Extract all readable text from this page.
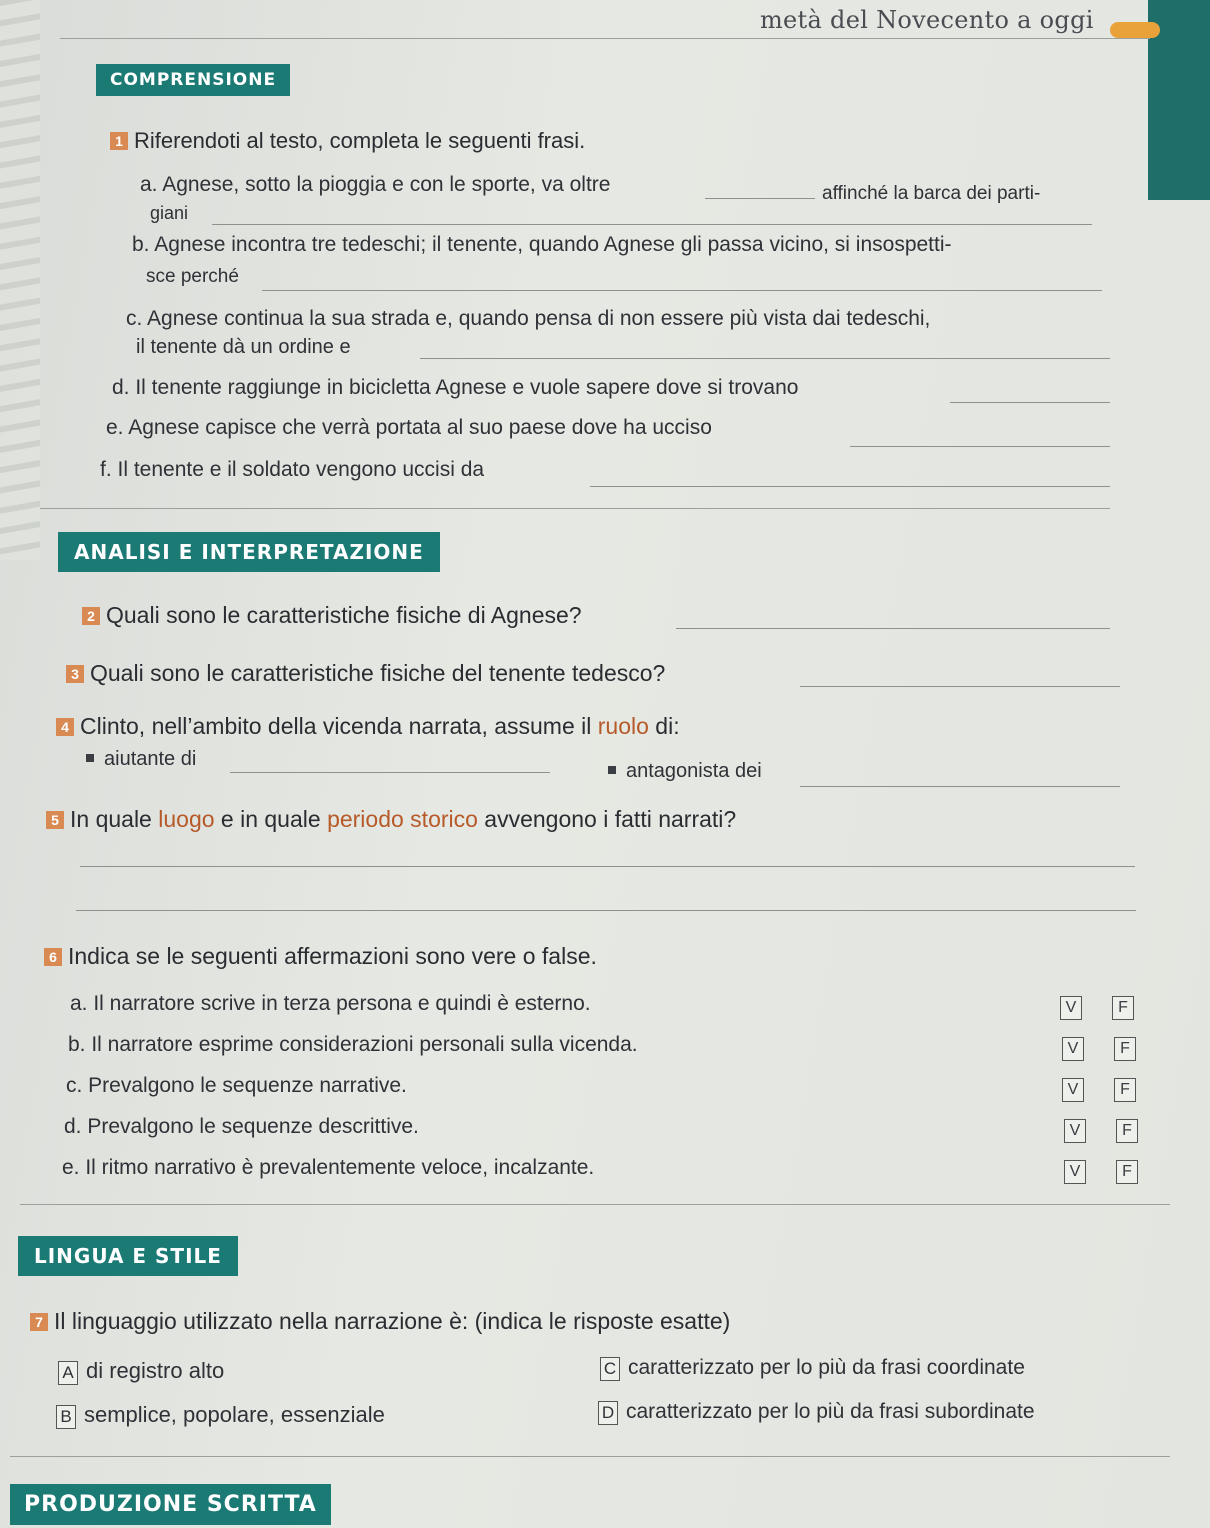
metà del Novecento a oggi
COMPRENSIONE
1 Riferendoti al testo, completa le seguenti frasi.
a. Agnese, sotto la pioggia e con le sporte, va oltre	affinché la barca dei parti-
giani
b. Agnese incontra tre tedeschi; il tenente, quando Agnese gli passa vicino, si insospetti-
sce perché
c. Agnese continua la sua strada e, quando pensa di non essere più vista dai tedeschi,
il tenente dà un ordine e
d. Il tenente raggiunge in bicicletta Agnese e vuole sapere dove si trovano
e. Agnese capisce che verrà portata al suo paese dove ha ucciso
f. Il tenente e il soldato vengono uccisi da
ANALISI E INTERPRETAZIONE
2 Quali sono le caratteristiche fisiche di Agnese?
3 Quali sono le caratteristiche fisiche del tenente tedesco?
4 Clinto, nell’ambito della vicenda narrata, assume il ruolo di:
aiutante di
antagonista dei
5 In quale luogo e in quale periodo storico avvengono i fatti narrati?
6 Indica se le seguenti affermazioni sono vere o false.
a. Il narratore scrive in terza persona e quindi è esterno.	V	F
b. Il narratore esprime considerazioni personali sulla vicenda.	V	F
c. Prevalgono le sequenze narrative.	V	F
d. Prevalgono le sequenze descrittive.	V	F
e. Il ritmo narrativo è prevalentemente veloce, incalzante.	V	F
LINGUA E STILE
7 Il linguaggio utilizzato nella narrazione è: (indica le risposte esatte)
A di registro alto
B semplice, popolare, essenziale
C caratterizzato per lo più da frasi coordinate
D caratterizzato per lo più da frasi subordinate
PRODUZIONE SCRITTA
